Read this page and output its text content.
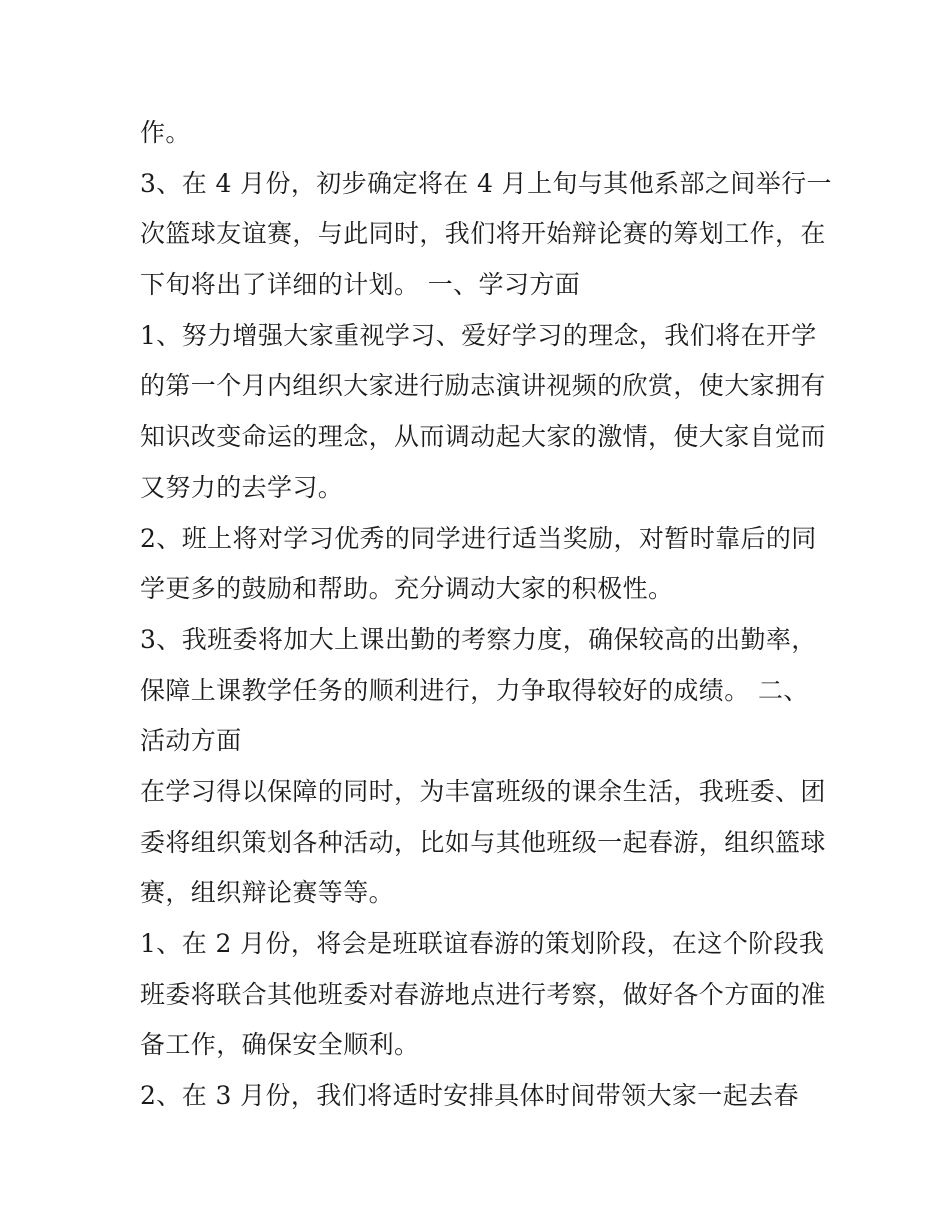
作。
3、在 4 月份，初步确定将在 4 月上旬与其他系部之间举行一
次篮球友谊赛，与此同时，我们将开始辩论赛的筹划工作，在
下旬将出了详细的计划。 一、学习方面
1、努力增强大家重视学习、爱好学习的理念，我们将在开学
的第一个月内组织大家进行励志演讲视频的欣赏，使大家拥有
知识改变命运的理念，从而调动起大家的激情，使大家自觉而
又努力的去学习。
2、班上将对学习优秀的同学进行适当奖励，对暂时靠后的同
学更多的鼓励和帮助。充分调动大家的积极性。
3、我班委将加大上课出勤的考察力度，确保较高的出勤率，
保障上课教学任务的顺利进行，力争取得较好的成绩。 二、
活动方面
在学习得以保障的同时，为丰富班级的课余生活，我班委、团
委将组织策划各种活动，比如与其他班级一起春游，组织篮球
赛，组织辩论赛等等。
1、在 2 月份，将会是班联谊春游的策划阶段，在这个阶段我
班委将联合其他班委对春游地点进行考察，做好各个方面的准
备工作，确保安全顺利。
2、在 3 月份，我们将适时安排具体时间带领大家一起去春
